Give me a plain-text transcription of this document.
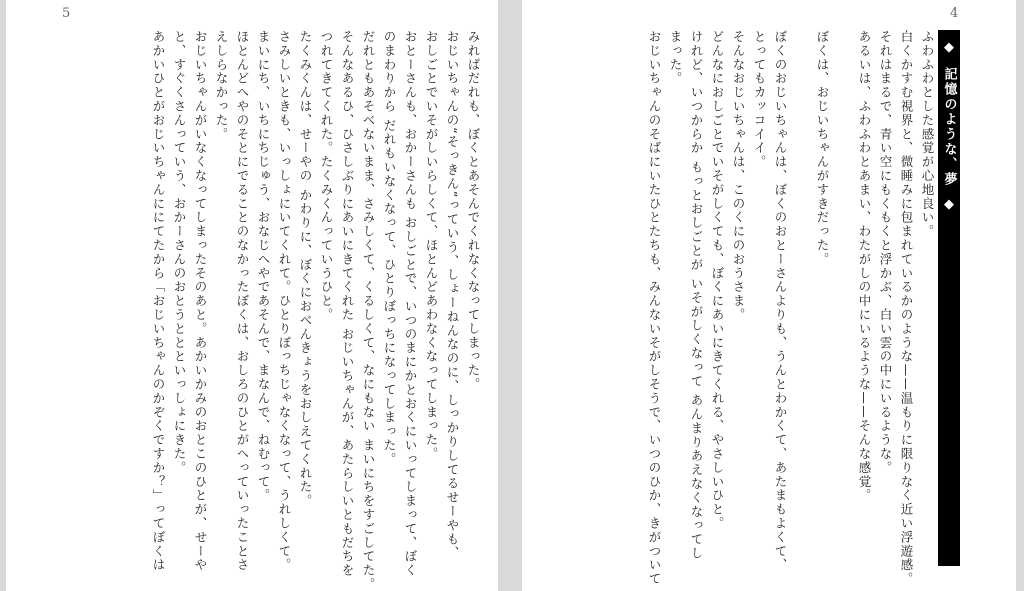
5

みればだれも、ぼくとあそんでくれなくなってしまった。

おじいちゃんの“そっきん”っていう、しょーねんなのに、しっかりしてるせーやも、

おしごとでいそがしいらしくて、ほとんどあわなくなってしまった。

おとーさんも、おかーさんも おしごとで、いつのまにかとおくにいってしまって、ぼく

のまわりから だれもいなくなって、ひとりぼっちになってしまった。

だれともあそべないまま、さみしくて、くるしくて、なにもない まいにちをすごしてた。

そんなあるひ、ひさしぶりにあいにきてくれた おじいちゃんが、あたらしいともだちを

つれてきてくれた。たくみくんっていうひと。

たくみくんは、せーやの かわりに、ぼくにおべんきょうをおしえてくれた。

さみしいときも、いっしょにいてくれて。ひとりぼっちじゃなくなって、うれしくて。

まいにち、いちにちじゅう、おなじへやであそんで、まなんで、ねむって。

ほとんどへやのそとにでることのなかったぼくは、おしろのひとがへっていったことさ

えしらなかった。

おじいちゃんがいなくなってしまったそのあと。あかいかみのおとこのひとが、せーや

と、すぐくさんっていう、おかーさんのおとうととといっしょにきた。

あかいひとがおじいちゃんににてたから「おじいちゃんのかぞくですか？」ってぼくは

4
◆
記憶のような、夢
◆

ふわふわとした感覚が心地良い。

白くかすむ視界と、微睡みに包まれているかのような——温もりに限りなく近い浮遊感。

それはまるで、青い空にもくもくと浮かぶ、白い雲の中にいるような。

あるいは、ふわふわとあまい、わたがしの中にいるような——そんな感覚。

ぼくは、おじいちゃんがすきだった。

ぼくのおじいちゃんは、ぼくのおとーさんよりも、うんとわかくて、あたまもよくて、

とってもカッコイイ。

そんなおじいちゃんは、このくにのおうさま。

どんなにおしごとでいそがしくても、ぼくにあいにきてくれる、やさしいひと。

けれど、いつからか もっとおしごとが いそがしくなって あんまりあえなくなってし

まった。

おじいちゃんのそばにいたひとたちも、みんないそがしそうで、いつのひか、きがついて
